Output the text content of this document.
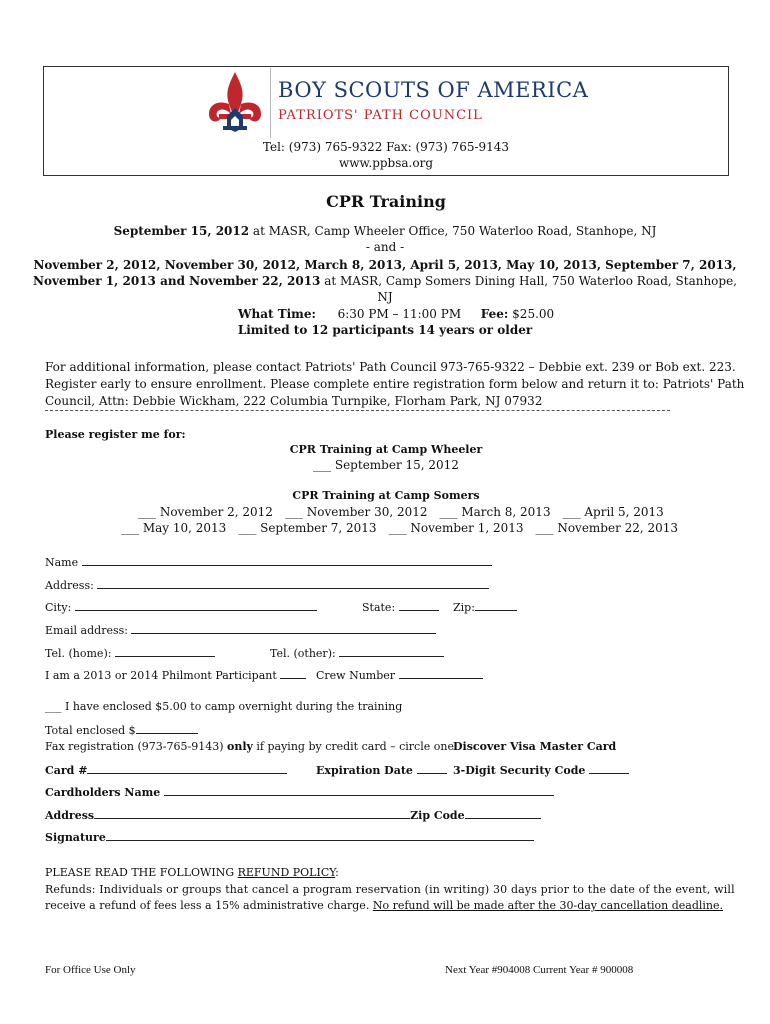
BOY SCOUTS OF AMERICA
PATRIOTS' PATH COUNCIL
Tel: (973) 765-9322 Fax: (973) 765-9143
www.ppbsa.org
CPR Training
September 15, 2012 at MASR, Camp Wheeler Office, 750 Waterloo Road, Stanhope, NJ
- and -
November 2, 2012, November 30, 2012, March 8, 2013, April 5, 2013, May 10, 2013, September 7, 2013,
November 1, 2013 and November 22, 2013 at MASR, Camp Somers Dining Hall, 750 Waterloo Road, Stanhope,
NJ
What Time: 6:30 PM – 11:00 PM Fee: $25.00
Limited to 12 participants 14 years or older
For additional information, please contact Patriots' Path Council 973-765-9322 – Debbie ext. 239 or Bob ext. 223.
Register early to ensure enrollment. Please complete entire registration form below and return it to: Patriots' Path
Council, Attn: Debbie Wickham, 222 Columbia Turnpike, Florham Park, NJ 07932
Please register me for:
CPR Training at Camp Wheeler
___ September 15, 2012
CPR Training at Camp Somers
___ November 2, 2012 ___ November 30, 2012 ___ March 8, 2013 ___ April 5, 2013
___ May 10, 2013 ___ September 7, 2013 ___ November 1, 2013 ___ November 22, 2013
Name
Address:
City:	State:	Zip:
Email address:
Tel. (home):	Tel. (other):
I am a 2013 or 2014 Philmont Participant	Crew Number
___ I have enclosed $5.00 to camp overnight during the training
Total enclosed $
Fax registration (973-765-9143) only if paying by credit card – circle one Discover Visa Master Card
Card #	Expiration Date	3-Digit Security Code
Cardholders Name
Address	Zip Code
Signature
PLEASE READ THE FOLLOWING REFUND POLICY:
Refunds: Individuals or groups that cancel a program reservation (in writing) 30 days prior to the date of the event, will
receive a refund of fees less a 15% administrative charge. No refund will be made after the 30-day cancellation deadline.
For Office Use Only	Next Year #904008 Current Year # 900008
